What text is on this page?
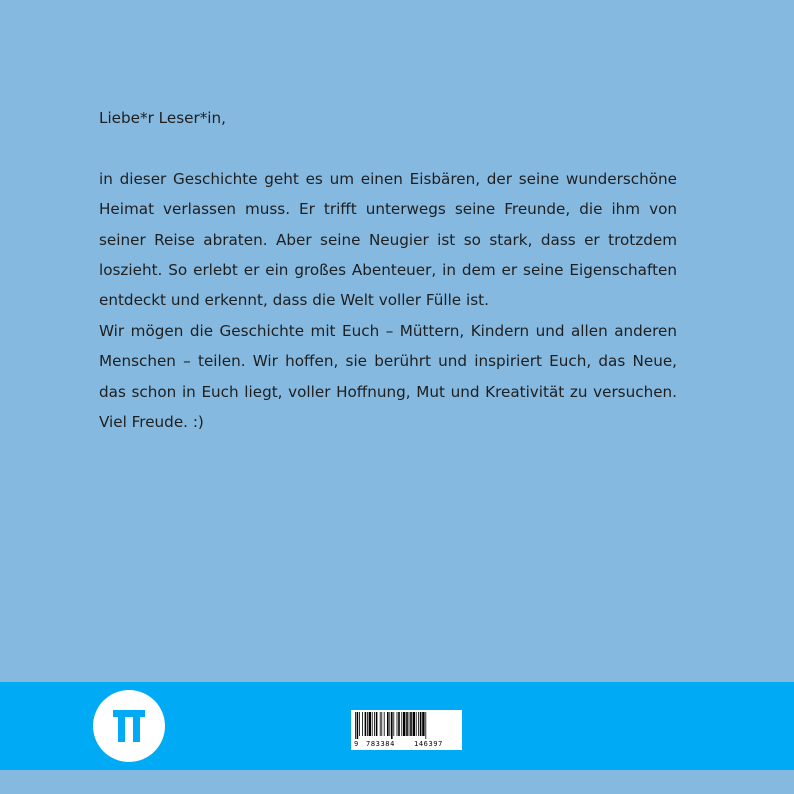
Liebe*r Leser*in,

in dieser Geschichte geht es um einen Eisbären, der seine wunderschöne Heimat verlassen muss. Er trifft unterwegs seine Freunde, die ihm von seiner Reise abraten. Aber seine Neugier ist so stark, dass er trotzdem loszieht. So erlebt er ein großes Abenteuer, in dem er seine Eigenschaften entdeckt und erkennt, dass die Welt voller Fülle ist.

Wir mögen die Geschichte mit Euch – Müttern, Kindern und allen anderen Menschen – teilen. Wir hoffen, sie berührt und inspiriert Euch, das Neue, das schon in Euch liegt, voller Hoffnung, Mut und Kreativität zu versuchen. Viel Freude. :)

9

783384

	146397
